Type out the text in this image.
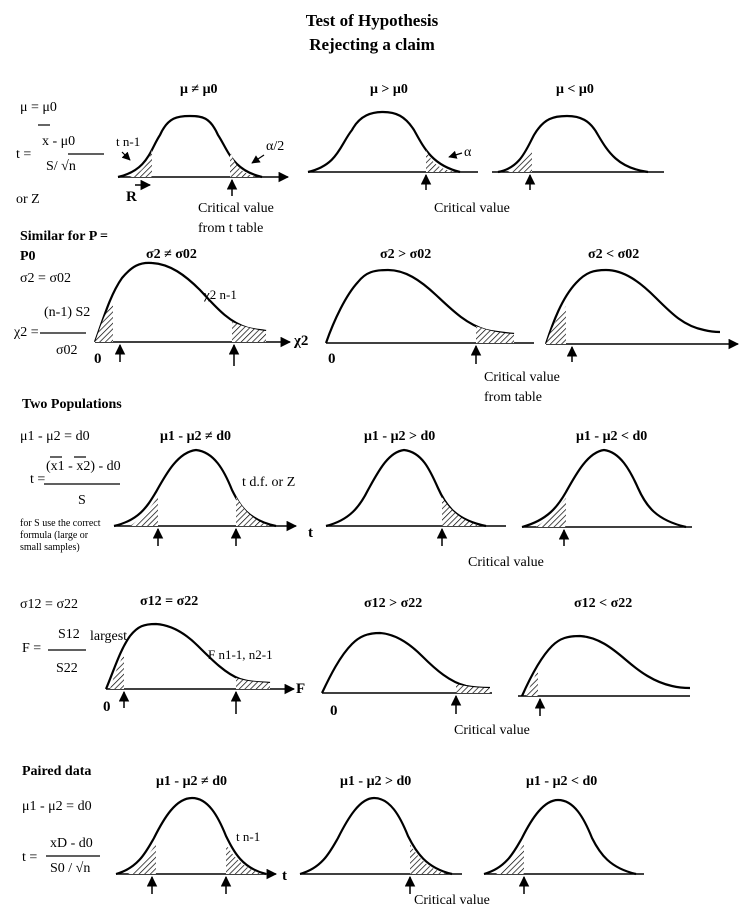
Test of Hypothesis
Rejecting a claim
μ = μ0
t =
x - μ0
S/ √n
or Z
t n-1
R
α/2	α
μ ≠ μ0	μ > μ0	μ < μ0
Critical value
from t table
Critical value
Similar for P =
P0
σ2 = σ02
χ2 =
(n-1) S2
σ02
χ2 n-1
χ2
0	0
σ2 ≠ σ02	σ2 > σ02	σ2 < σ02
Critical value
from table
Two Populations
μ1 - μ2 = d0
t =
(x1 - x2) - d0
S
for S use the correct
formula (large or
small samples)
t d.f. or Z
t
μ1 - μ2 ≠ d0	μ1 - μ2 > d0	μ1 - μ2 < d0
Critical value
σ12 = σ22
F =
S12 largest
S22
F n1-1, n2-1
F
0	0
σ12 = σ22	σ12 > σ22	σ12 < σ22
Critical value
Paired data
μ1 - μ2 = d0
t =
xD - d0
S0 / √n
t n-1
t
μ1 - μ2 ≠ d0	μ1 - μ2 > d0	μ1 - μ2 < d0
Critical value
